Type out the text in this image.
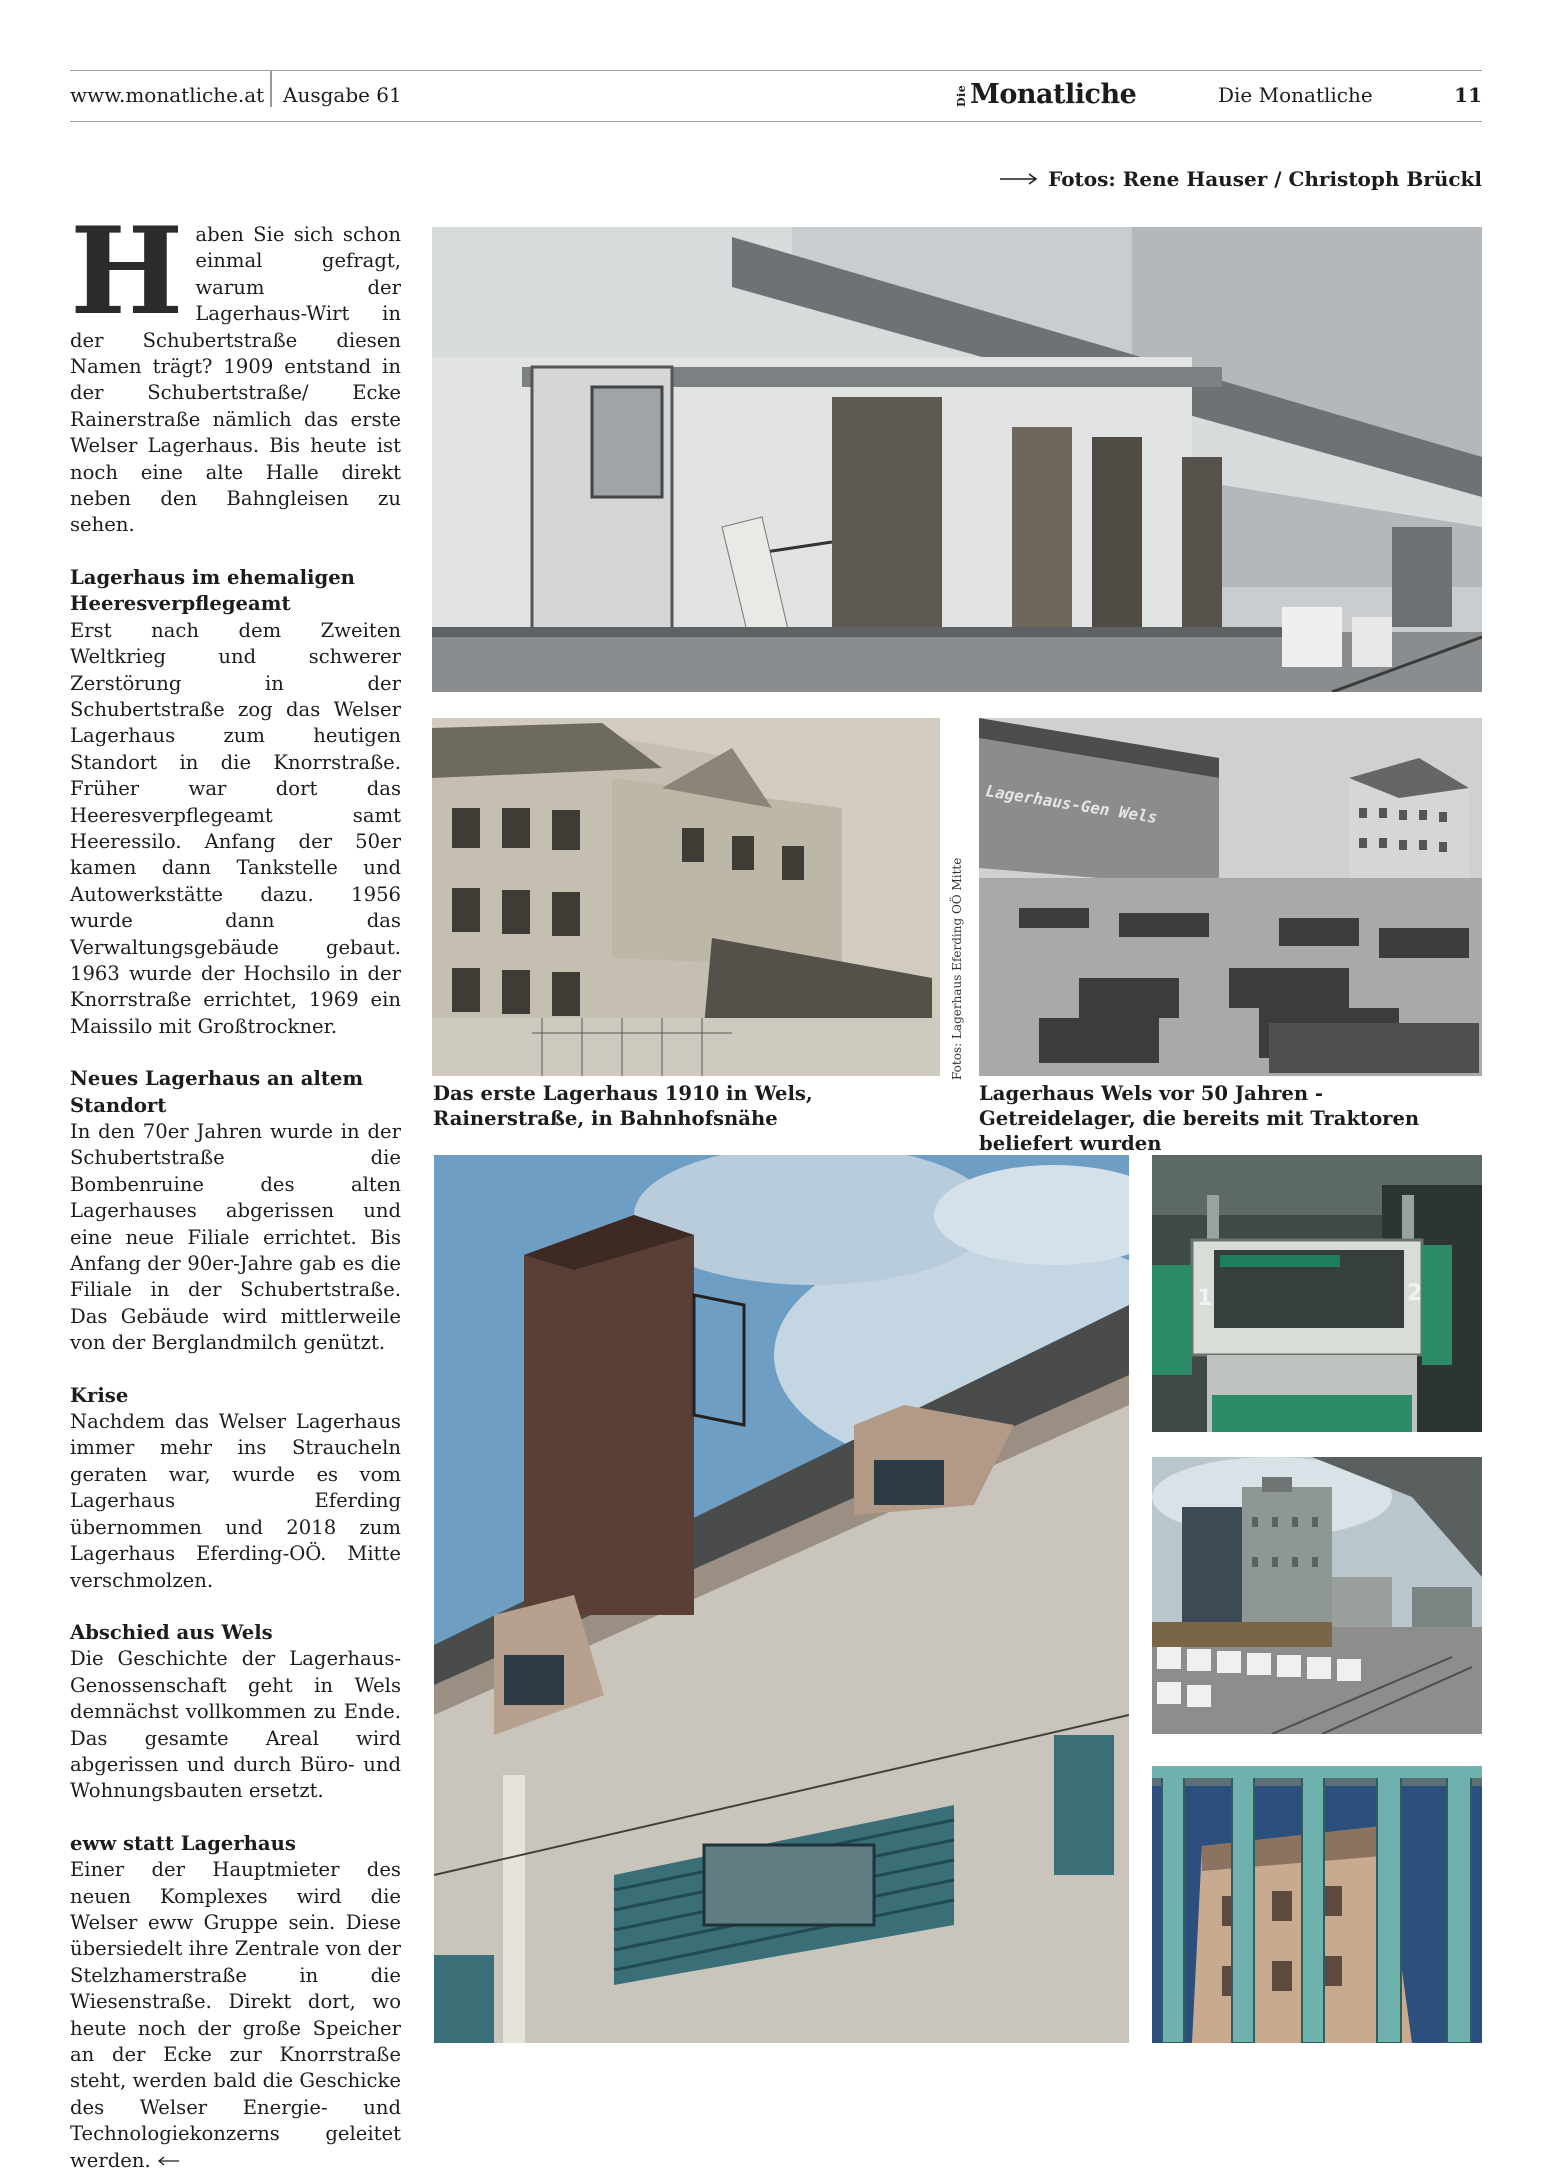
www.monatliche.at Ausgabe 61	Die Monatliche	Die Monatliche	11
Fotos: Rene Hauser / Christoph Brückl

Haben Sie sich schon einmal gefragt, warum der Lagerhaus-Wirt in der Schubertstraße diesen Namen trägt? 1909 entstand in der Schubertstraße/ Ecke Rainerstraße nämlich das erste Welser Lagerhaus. Bis heute ist noch eine alte Halle direkt neben den Bahngleisen zu sehen.

Lagerhaus im ehemaligen Heeresverpflegeamt

Erst nach dem Zweiten Weltkrieg und schwerer Zerstörung in der Schubertstraße zog das Welser Lagerhaus zum heutigen Standort in die Knorrstraße. Früher war dort das Heeresverpflegeamt samt Heeressilo. Anfang der 50er kamen dann Tankstelle und Autowerkstätte dazu. 1956 wurde dann das Verwaltungsgebäude gebaut. 1963 wurde der Hochsilo in der Knorrstraße errichtet, 1969 ein Maissilo mit Großtrockner.

Neues Lagerhaus an altem Standort

In den 70er Jahren wurde in der Schubertstraße die Bombenruine des alten Lagerhauses abgerissen und eine neue Filiale errichtet. Bis Anfang der 90er-Jahre gab es die Filiale in der Schubertstraße. Das Gebäude wird mittlerweile von der Berglandmilch genützt.

Krise

Nachdem das Welser Lagerhaus immer mehr ins Straucheln geraten war, wurde es vom Lagerhaus Eferding übernommen und 2018 zum Lagerhaus Eferding-OÖ. Mitte verschmolzen.

Abschied aus Wels

Die Geschichte der Lagerhaus-Genossenschaft geht in Wels demnächst vollkommen zu Ende. Das gesamte Areal wird abgerissen und durch Büro- und Wohnungsbauten ersetzt.

eww statt Lagerhaus

Einer der Hauptmieter des neuen Komplexes wird die Welser eww Gruppe sein. Diese übersiedelt ihre Zentrale von der Stelzhamerstraße in die Wiesenstraße. Direkt dort, wo heute noch der große Speicher an der Ecke zur Knorrstraße steht, werden bald die Geschicke des Welser Energie- und Technologiekonzerns geleitet werden.

Fotos: Lagerhaus Eferding OÖ Mitte
Lagerhaus-Gen Wels
Das erste Lagerhaus 1910 in Wels, Rainerstraße, in Bahnhofsnähe
Lagerhaus Wels vor 50 Jahren - Getreidelager, die bereits mit Traktoren beliefert wurden
1	2
